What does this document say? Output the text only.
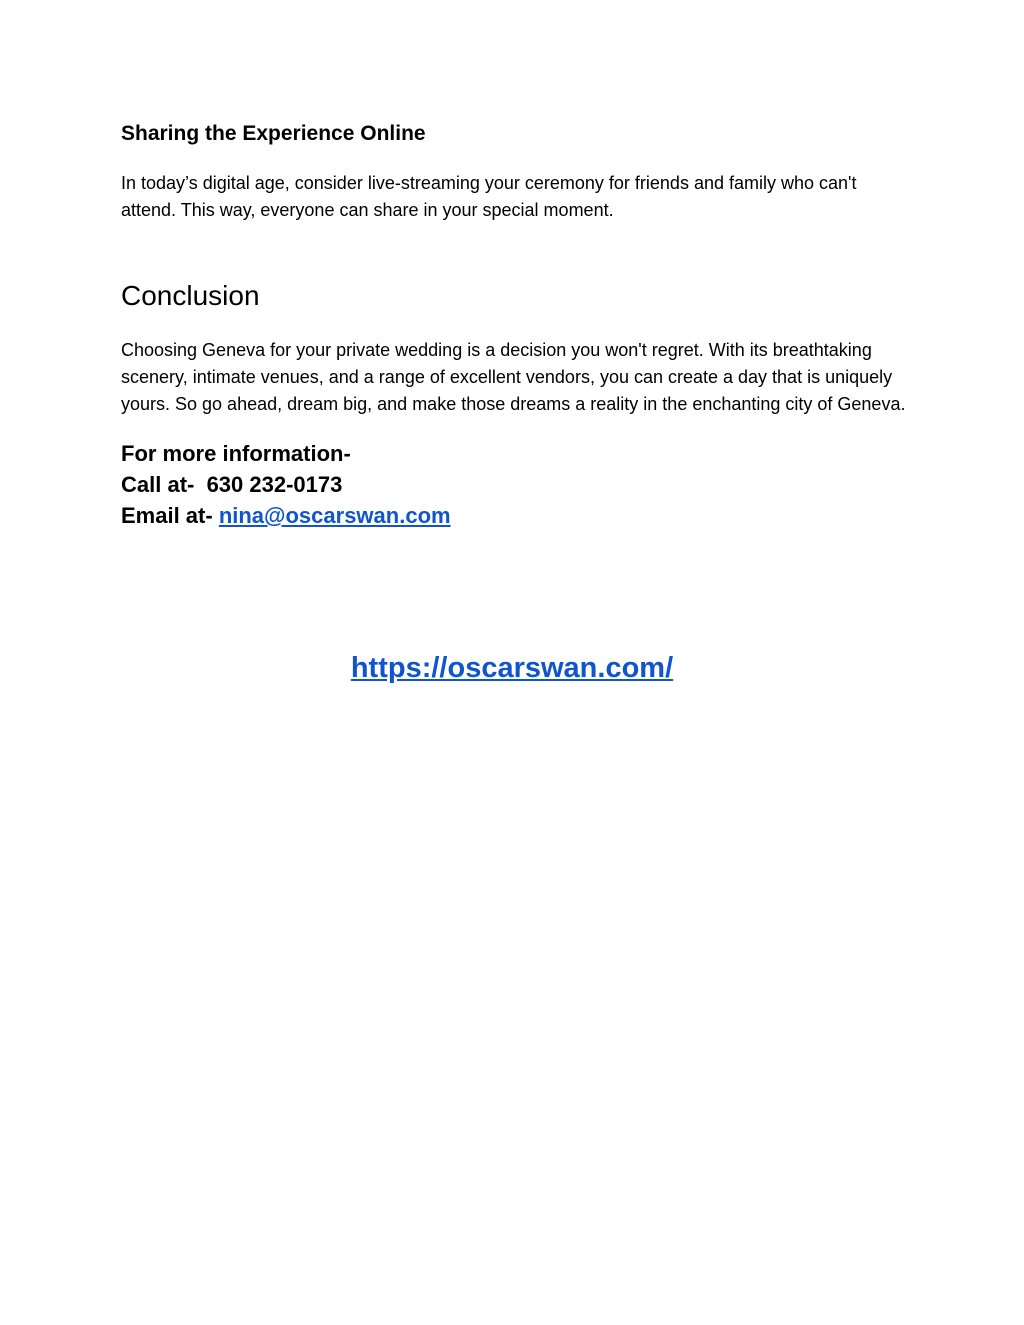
Sharing the Experience Online

In today’s digital age, consider live-streaming your ceremony for friends and family who can't attend. This way, everyone can share in your special moment.

Conclusion

Choosing Geneva for your private wedding is a decision you won't regret. With its breathtaking scenery, intimate venues, and a range of excellent vendors, you can create a day that is uniquely yours. So go ahead, dream big, and make those dreams a reality in the enchanting city of Geneva.

For more information-
Call at-  630 232-0173
Email at- nina@oscarswan.com
https://oscarswan.com/
